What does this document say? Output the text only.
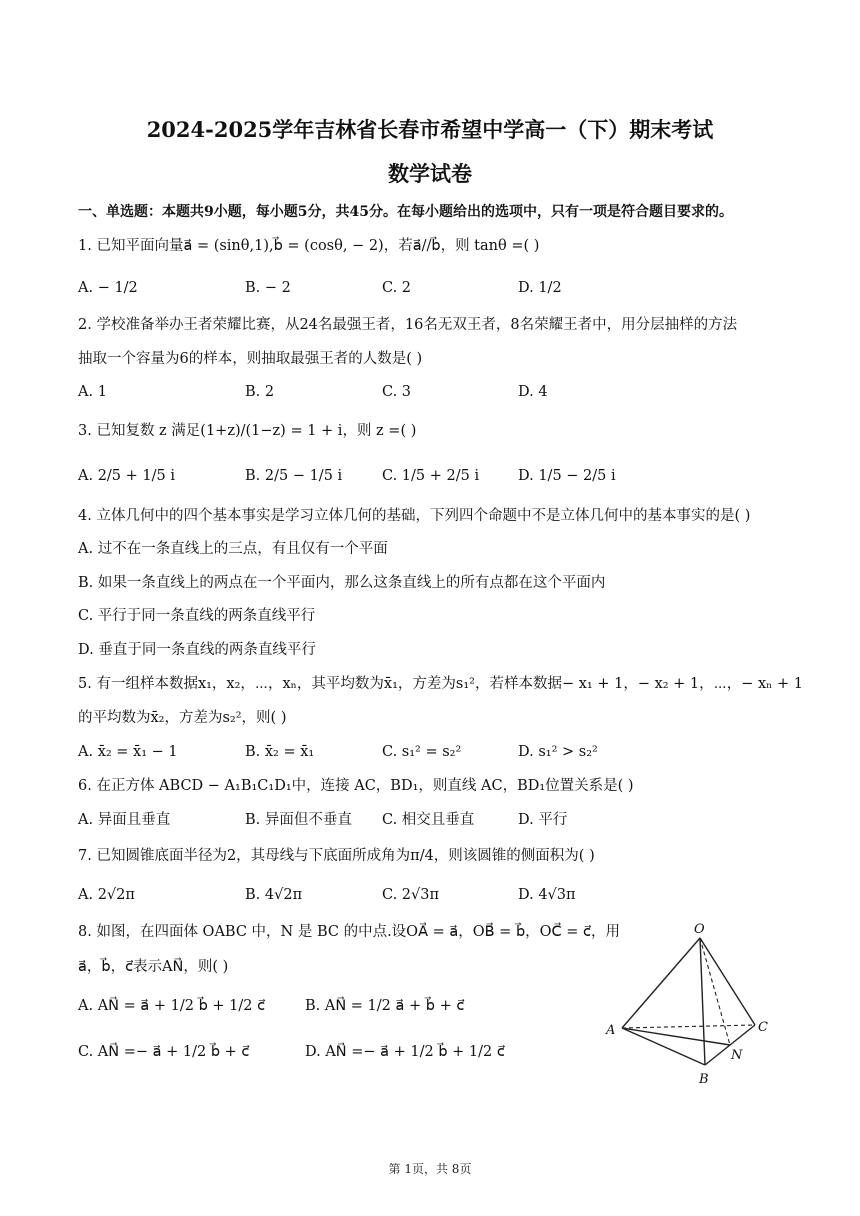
2024-2025学年吉林省长春市希望中学高一（下）期末考试
数学试卷
一、单选题：本题共9小题，每小题5分，共45分。在每小题给出的选项中，只有一项是符合题目要求的。
1. 已知平面向量a⃗ = (sinθ,1),b⃗ = (cosθ, − 2)，若a⃗//b⃗，则 tanθ =( )
A. − 1/2	B. − 2	C. 2	D. 1/2
2. 学校准备举办王者荣耀比赛，从24名最强王者，16名无双王者，8名荣耀王者中，用分层抽样的方法
抽取一个容量为6的样本，则抽取最强王者的人数是( )
A. 1	B. 2	C. 3	D. 4
3. 已知复数 z 满足(1+z)/(1−z) = 1 + i，则 z =( )
A. 2/5 + 1/5 i	B. 2/5 − 1/5 i	C. 1/5 + 2/5 i	D. 1/5 − 2/5 i
4. 立体几何中的四个基本事实是学习立体几何的基础，下列四个命题中不是立体几何中的基本事实的是( )
A. 过不在一条直线上的三点，有且仅有一个平面
B. 如果一条直线上的两点在一个平面内，那么这条直线上的所有点都在这个平面内
C. 平行于同一条直线的两条直线平行
D. 垂直于同一条直线的两条直线平行
5. 有一组样本数据x₁，x₂，⋯，xₙ，其平均数为x̄₁，方差为s₁²，若样本数据− x₁ + 1，− x₂ + 1，⋯，− xₙ + 1
的平均数为x̄₂，方差为s₂²，则( )
A. x̄₂ = x̄₁ − 1	B. x̄₂ = x̄₁	C. s₁² = s₂²	D. s₁² > s₂²
6. 在正方体 ABCD − A₁B₁C₁D₁中，连接 AC，BD₁，则直线 AC，BD₁位置关系是( )
A. 异面且垂直	B. 异面但不垂直 C. 相交且垂直	D. 平行
7. 已知圆锥底面半径为2，其母线与下底面所成角为π/4，则该圆锥的侧面积为( )
A. 2√2π	B. 4√2π	C. 2√3π	D. 4√3π
8. 如图，在四面体 OABC 中，N 是 BC 的中点.设OA⃗ = a⃗，OB⃗ = b⃗，OC⃗ = c⃗，用
a⃗，b⃗，c⃗表示AN⃗，则( )
A. AN⃗ = a⃗ + 1/2 b⃗ + 1/2 c⃗	B. AN⃗ = 1/2 a⃗ + b⃗ + c⃗
C. AN⃗ =− a⃗ + 1/2 b⃗ + c⃗	D. AN⃗ =− a⃗ + 1/2 b⃗ + 1/2 c⃗
O
A
B
C
N
第 1页，共 8页
